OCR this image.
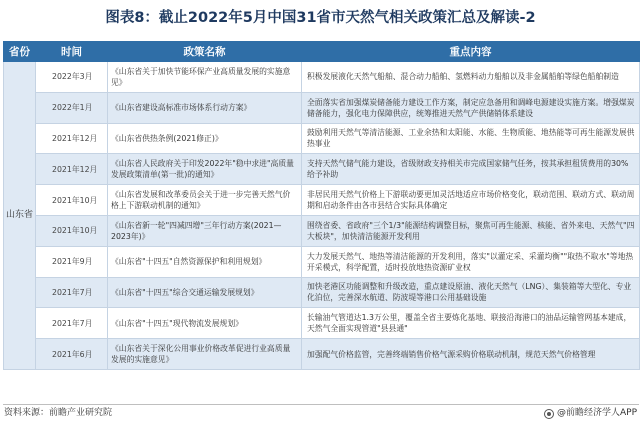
图表8：截止2022年5月中国31省市天然气相关政策汇总及解读-2
省份	时间	政策名称	重点内容
山东省	2022年3月	《山东省关于加快节能环保产业高质量发展的实施意见》	积极发展液化天然气船舶、混合动力船舶、氢燃料动力船舶以及非金属船舶等绿色船舶制造
	2022年1月	《山东省建设高标准市场体系行动方案》	全面落实省加强煤炭储备能力建设工作方案，制定应急备用和调峰电源建设实施方案。增强煤炭储备能力，强化电力保障供应，统筹推进天然气产供储销体系建设
	2021年12月	《山东省供热条例(2021修正)》	鼓励利用天然气等清洁能源、工业余热和太阳能、水能、生物质能、地热能等可再生能源发展供热事业
	2021年12月	《山东省人民政府关于印发2022年"稳中求进"高质量发展政策清单(第一批)的通知》	支持天然气储气能力建设，省级财政支持相关市完成国家储气任务，按其承担租赁费用的30%给予补助
	2021年10月	《山东省发展和改革委员会关于进一步完善天然气价格上下游联动机制的通知》	非居民用天然气价格上下游联动要更加灵活地适应市场价格变化，联动范围、联动方式、联动周期和启动条件由各市县结合实际具体确定
	2021年10月	《山东省新一轮"四减四增"三年行动方案(2021—2023年)》	围绕省委、省政府"三个1/3"能源结构调整目标，聚焦可再生能源、核能、省外来电、天然气"四大板块"，加快清洁能源开发利用
	2021年9月	《山东省"十四五"自然资源保护和利用规划》	大力发展天然气、地热等清洁能源的开发利用，落实"以灌定采、采灌均衡""取热不取水"等地热开采模式，科学配置，适时投放地热资源矿业权
	2021年7月	《山东省"十四五"综合交通运输发展规划》	加快老港区功能调整和升级改造，重点建设原油、液化天然气（LNG）、集装箱等大型化、专业化泊位，完善深水航道、防波堤等港口公用基础设施
	2021年7月	《山东省"十四五"现代物流发展规划》	长输油气管道达1.3万公里，覆盖全省主要炼化基地、联接沿海港口的油品运输管网基本建成，天然气全面实现管道"县县通"
	2021年6月	《山东省关于深化公用事业价格改革促进行业高质量发展的实施意见》	加强配气价格监管，完善终端销售价格气源采购价格联动机制，规范天然气价格管理
资料来源：前瞻产业研究院	@前瞻经济学人APP
